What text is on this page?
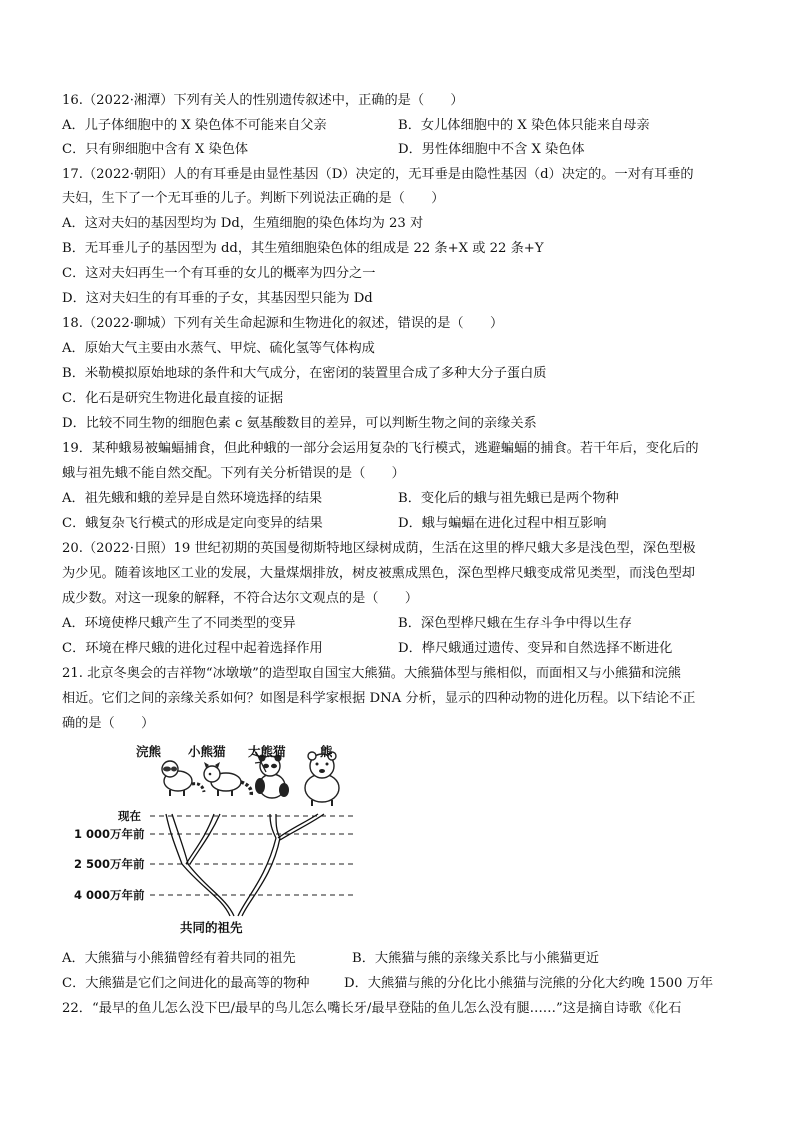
16.（2022·湘潭）下列有关人的性别遗传叙述中，正确的是（　　）
A．儿子体细胞中的 X 染色体不可能来自父亲	B．女儿体细胞中的 X 染色体只能来自母亲
C．只有卵细胞中含有 X 染色体	D．男性体细胞中不含 X 染色体
17.（2022·朝阳）人的有耳垂是由显性基因（D）决定的，无耳垂是由隐性基因（d）决定的。一对有耳垂的
夫妇，生下了一个无耳垂的儿子。判断下列说法正确的是（　　）
A．这对夫妇的基因型均为 Dd，生殖细胞的染色体均为 23 对
B．无耳垂儿子的基因型为 dd，其生殖细胞染色体的组成是 22 条+X 或 22 条+Y
C．这对夫妇再生一个有耳垂的女儿的概率为四分之一
D．这对夫妇生的有耳垂的子女，其基因型只能为 Dd
18.（2022·聊城）下列有关生命起源和生物进化的叙述，错误的是（　　）
A．原始大气主要由水蒸气、甲烷、硫化氢等气体构成
B．米勒模拟原始地球的条件和大气成分，在密闭的装置里合成了多种大分子蛋白质
C．化石是研究生物进化最直接的证据
D．比较不同生物的细胞色素 c 氨基酸数目的差异，可以判断生物之间的亲缘关系
19．某种蛾易被蝙蝠捕食，但此种蛾的一部分会运用复杂的飞行模式，逃避蝙蝠的捕食。若干年后，变化后的
蛾与祖先蛾不能自然交配。下列有关分析错误的是（　　）
A．祖先蛾和蛾的差异是自然环境选择的结果	B．变化后的蛾与祖先蛾已是两个物种
C．蛾复杂飞行模式的形成是定向变异的结果	D．蛾与蝙蝠在进化过程中相互影响
20.（2022·日照）19 世纪初期的英国曼彻斯特地区绿树成荫，生活在这里的桦尺蛾大多是浅色型，深色型极
为少见。随着该地区工业的发展，大量煤烟排放，树皮被熏成黑色，深色型桦尺蛾变成常见类型，而浅色型却
成少数。对这一现象的解释，不符合达尔文观点的是（　　）
A．环境使桦尺蛾产生了不同类型的变异	B．深色型桦尺蛾在生存斗争中得以生存
C．环境在桦尺蛾的进化过程中起着选择作用	D．桦尺蛾通过遗传、变异和自然选择不断进化
21. 北京冬奥会的吉祥物“冰墩墩”的造型取自国宝大熊猫。大熊猫体型与熊相似，而面相又与小熊猫和浣熊
相近。它们之间的亲缘关系如何？如图是科学家根据 DNA 分析，显示的四种动物的进化历程。以下结论不正
确的是（　　）
浣熊 小熊猫 大熊猫	熊
现在
1 000万年前
2 500万年前
4 000万年前
共同的祖先
A．大熊猫与小熊猫曾经有着共同的祖先	B．大熊猫与熊的亲缘关系比与小熊猫更近
C．大熊猫是它们之间进化的最高等的物种	D．大熊猫与熊的分化比小熊猫与浣熊的分化大约晚 1500 万年
22．“最早的鱼儿怎么没下巴/最早的鸟儿怎么嘴长牙/最早登陆的鱼儿怎么没有腿……”这是摘自诗歌《化石
